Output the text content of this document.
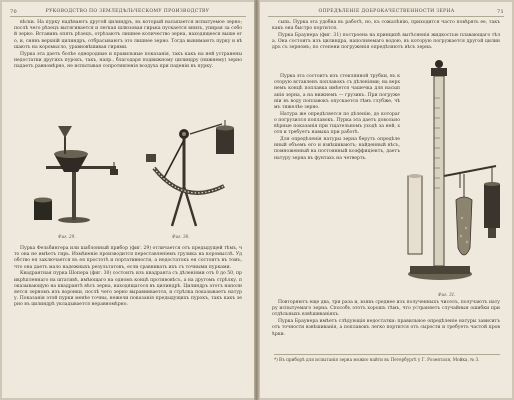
70	РУКОВОДСТВО ПО ЗЕМЛЕДѢЛЬЧЕСКОМУ ПРОИЗВОДСТВУ

вѣски. На пурку надѣваютъ другой цилиндръ, въ который насыпается испытуемое зерно; послѣ чего рѣзецъ вытягивается и легкая шлюзовая гирька пускается внизъ, упирая за собой зерно. Вставивъ опять рѣзецъ, отрѣзаютъ лишнее количество зерна, находящееся выше его, и, снявъ верхній цилиндръ, отбрасываютъ это лишнее зерно. Тогда вынимаютъ пурку и вѣшаютъ на коромысло, уравновѣшивая гирями.

Пурка эта даетъ болѣе однородные и правильные показанія, такъ какъ на ней устранены недостатки другихъ пурокъ, такъ, напр., благодаря подвижному цилиндру (нижнему) зерно падаетъ равномѣрно, не испытывая сопротивленія воздуха при паденіи въ пурку.

Фиг. 29.	Фиг. 30.

Пурка Фельбингера или шаблонный прибор (фиг. 29) отличается отъ предыдущей тѣмъ, что она не имѣетъ гирь. Измѣненіе производится переставленіемъ грузика на коромыслѣ. Удобство ея заключается въ ея простотѣ и портативности, а недостатокъ ея состоитъ въ томъ, что она даетъ мало надежныхъ результатовъ, если сравнивать ихъ съ точными пурками.

Квадрантная пурка Шопера (фиг. 30) состоитъ изъ квадранта съ дѣленіями отъ 0 до 50, прикрѣпленнаго на штативѣ, имѣющаго на одномъ концѣ противовѣсъ, а на другомъ стрѣлку, показывающую на квадрантѣ вѣсъ зерна, находящагося въ цилиндрѣ. Цилиндръ этотъ наполняется зерномъ изъ воронки, послѣ чего зерно выравнивается, и стрѣлка показываетъ натуру. Показанія этой пурки менѣе точны, нежели показанія предыдущихъ пурокъ, такъ какъ зерно въ цилиндрѣ укладывается неравномѣрно.

ОПРЕДѢЛЕНІЕ ДОБРОКАЧЕСТВЕННОСТИ ЗЕРНА	71

сыпь. Пурка эта удобна въ работѣ, но, къ сожалѣнію, приходится часто повѣрять ее, такъ какъ она быстро портится.

Пурка Браунера (фиг. 31) построена на принципѣ вытѣсненія жидкостью плавающаго тѣла. Она состоитъ изъ цилиндра, наполняемаго водою, въ которую погружается другой цилиндръ съ зерномъ; по степени погруженія опредѣляютъ вѣсъ зерна.

Пурка эта состоитъ изъ стеклянной трубки, въ которую вставленъ поплавокъ съ дѣленіями; на верхнемъ концѣ поплавка имѣется чашечка для насыпанія зерна, а на нижнемъ — грузикъ. При погруженіи въ воду поплавокъ опускается тѣмъ глубже, чѣмъ тяжелѣе зерно.

Натура же опредѣляется по дѣленію, до котораго погрузился поплавокъ. Пурка эта даетъ довольно вѣрные показанія при тщательномъ уходѣ за ней, хотя и требуетъ навыка при работѣ.

Для опредѣленія натуры зерна берутъ опредѣленный объемъ его и взвѣшиваютъ; найденный вѣсъ, помноженный на постоянный коэффиціентъ, даетъ натуру зерна въ фунтахъ на четверть.

Фиг. 31.

Повторяютъ еще два, три раза и, взявъ среднее изъ полученныхъ чиселъ, получаютъ натуру испытуемаго зерна. Способъ этотъ хорошъ тѣмъ, что устраняетъ случайныя ошибки при отдѣльныхъ взвѣшиваніяхъ.

Пурка Браунера имѣетъ слѣдующія недостатки: правильное опредѣленіе натуры зависитъ отъ точности взвѣшиванія, а поплавокъ легко портится отъ сырости и требуетъ частой провѣрки.

*) Въ приборѣ для испытанія зерна можно найти въ Петербургѣ у Г. Розенталя, Мойка, № 3.
